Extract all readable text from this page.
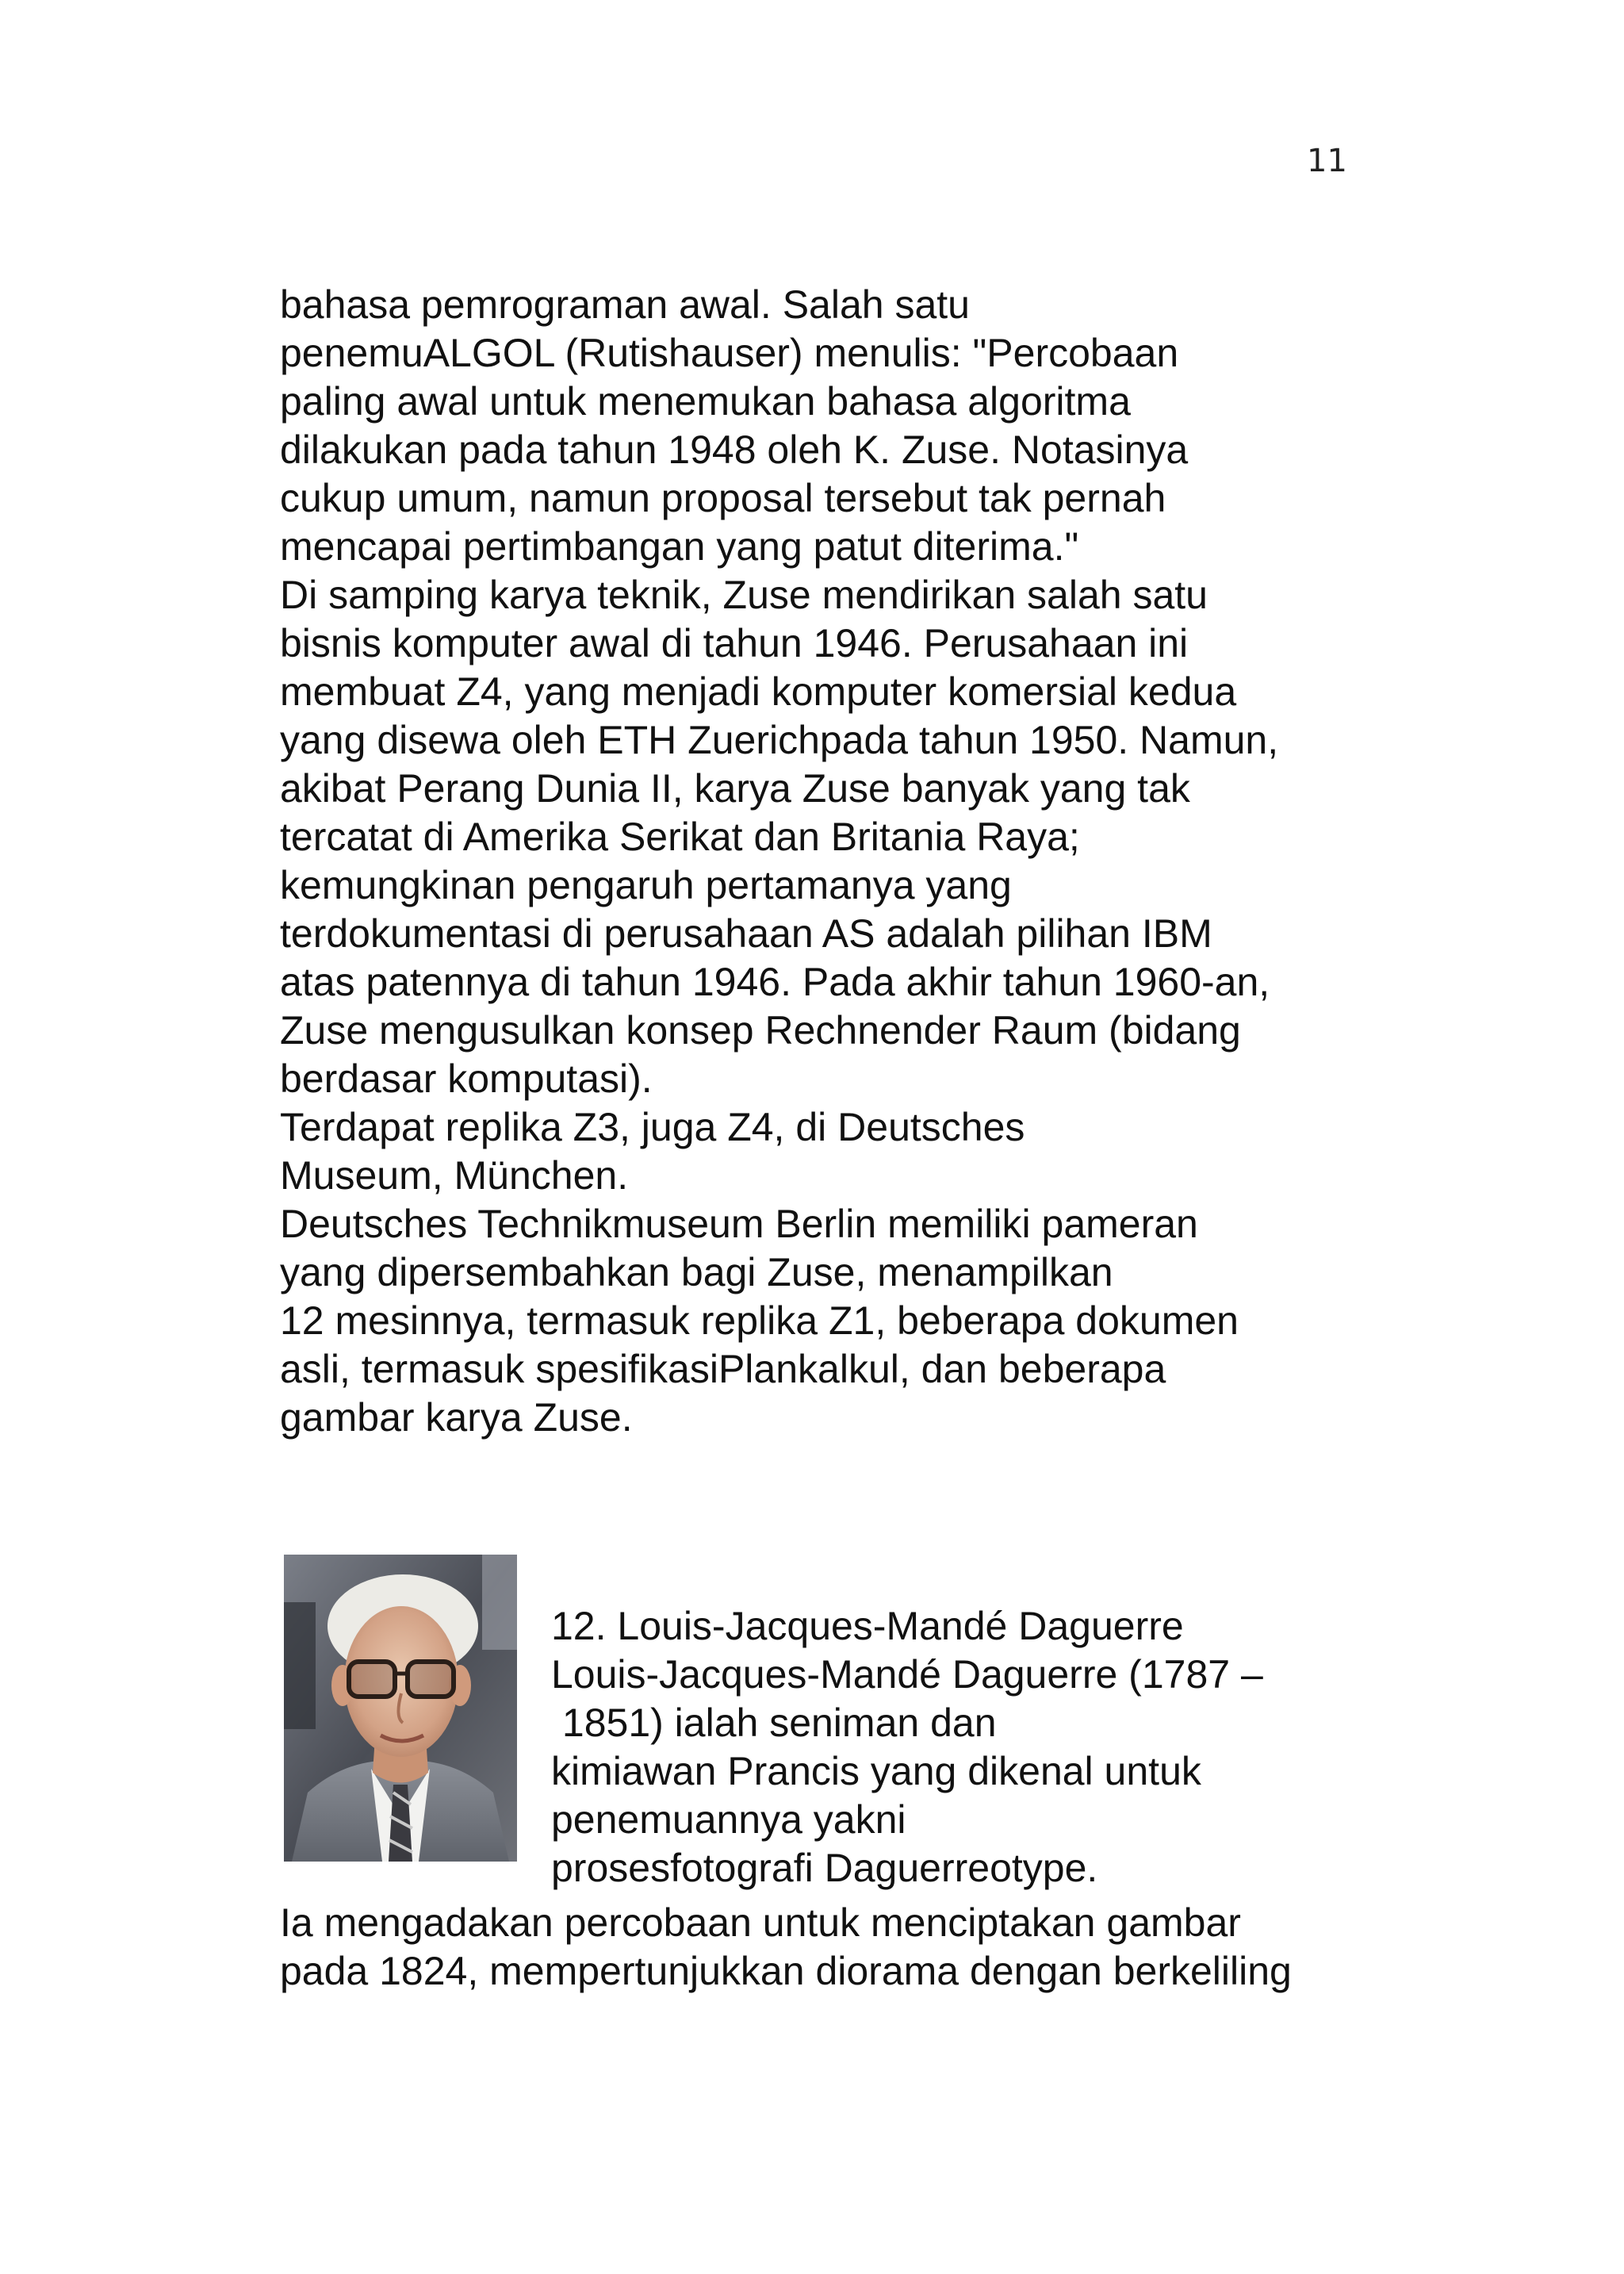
11
bahasa pemrograman awal. Salah satu
penemuALGOL (Rutishauser) menulis: "Percobaan
paling awal untuk menemukan bahasa algoritma
dilakukan pada tahun 1948 oleh K. Zuse. Notasinya
cukup umum, namun proposal tersebut tak pernah
mencapai pertimbangan yang patut diterima."
Di samping karya teknik, Zuse mendirikan salah satu
bisnis komputer awal di tahun 1946. Perusahaan ini
membuat Z4, yang menjadi komputer komersial kedua
yang disewa oleh ETH Zuerichpada tahun 1950. Namun,
akibat Perang Dunia II, karya Zuse banyak yang tak
tercatat di Amerika Serikat dan Britania Raya;
kemungkinan pengaruh pertamanya yang
terdokumentasi di perusahaan AS adalah pilihan IBM
atas patennya di tahun 1946. Pada akhir tahun 1960-an,
Zuse mengusulkan konsep Rechnender Raum (bidang
berdasar komputasi).
Terdapat replika Z3, juga Z4, di Deutsches
Museum, München.
Deutsches Technikmuseum Berlin memiliki pameran
yang dipersembahkan bagi Zuse, menampilkan
12 mesinnya, termasuk replika Z1, beberapa dokumen
asli, termasuk spesifikasiPlankalkul, dan beberapa
gambar karya Zuse.
12. Louis-Jacques-Mandé Daguerre
Louis-Jacques-Mandé Daguerre (1787 –
1851) ialah seniman dan
kimiawan Prancis yang dikenal untuk
penemuannya yakni
prosesfotografi Daguerreotype.
Ia mengadakan percobaan untuk menciptakan gambar
pada 1824, mempertunjukkan diorama dengan berkeliling
